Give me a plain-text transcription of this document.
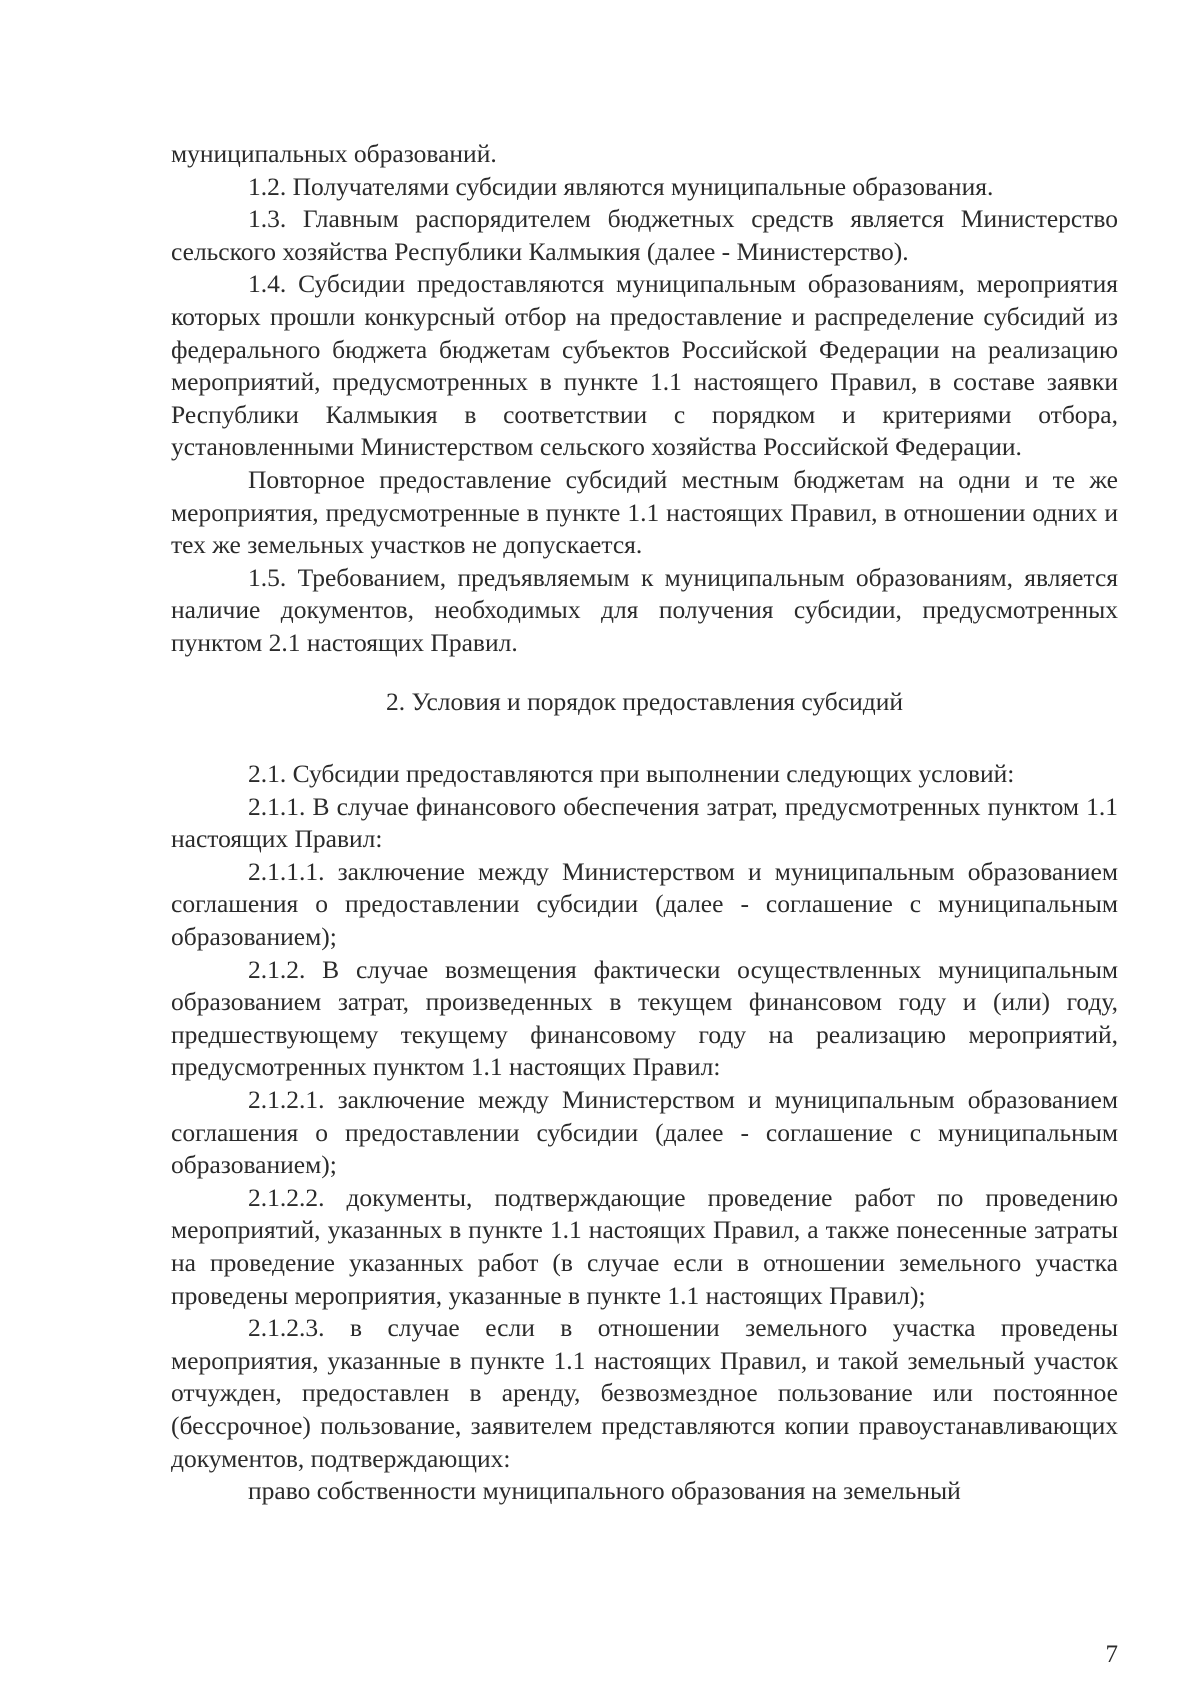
муниципальных образований.

1.2. Получателями субсидии являются муниципальные образования.

1.3. Главным распорядителем бюджетных средств является Министерство сельского хозяйства Республики Калмыкия (далее - Министерство).

1.4. Субсидии предоставляются муниципальным образованиям, мероприятия которых прошли конкурсный отбор на предоставление и распределение субсидий из федерального бюджета бюджетам субъектов Российской Федерации на реализацию мероприятий, предусмотренных в пункте 1.1 настоящего Правил, в составе заявки Республики Калмыкия в соответствии с порядком и критериями отбора, установленными Министерством сельского хозяйства Российской Федерации.

Повторное предоставление субсидий местным бюджетам на одни и те же мероприятия, предусмотренные в пункте 1.1 настоящих Правил, в отношении одних и тех же земельных участков не допускается.

1.5. Требованием, предъявляемым к муниципальным образованиям, является наличие документов, необходимых для получения субсидии, предусмотренных пунктом 2.1 настоящих Правил.

2. Условия и порядок предоставления субсидий

2.1. Субсидии предоставляются при выполнении следующих условий:

2.1.1. В случае финансового обеспечения затрат, предусмотренных пунктом 1.1 настоящих Правил:

2.1.1.1. заключение между Министерством и муниципальным образованием соглашения о предоставлении субсидии (далее - соглашение с муниципальным образованием);

2.1.2. В случае возмещения фактически осуществленных муниципальным образованием затрат, произведенных в текущем финансовом году и (или) году, предшествующему текущему финансовому году на реализацию мероприятий, предусмотренных пунктом 1.1 настоящих Правил:

2.1.2.1. заключение между Министерством и муниципальным образованием соглашения о предоставлении субсидии (далее - соглашение с муниципальным образованием);

2.1.2.2. документы, подтверждающие проведение работ по проведению мероприятий, указанных в пункте 1.1 настоящих Правил, а также понесенные затраты на проведение указанных работ (в случае если в отношении земельного участка проведены мероприятия, указанные в пункте 1.1 настоящих Правил);

2.1.2.3. в случае если в отношении земельного участка проведены мероприятия, указанные в пункте 1.1 настоящих Правил, и такой земельный участок отчужден, предоставлен в аренду, безвозмездное пользование или постоянное (бессрочное) пользование, заявителем представляются копии правоустанавливающих документов, подтверждающих:

право собственности муниципального образования на земельный

7
